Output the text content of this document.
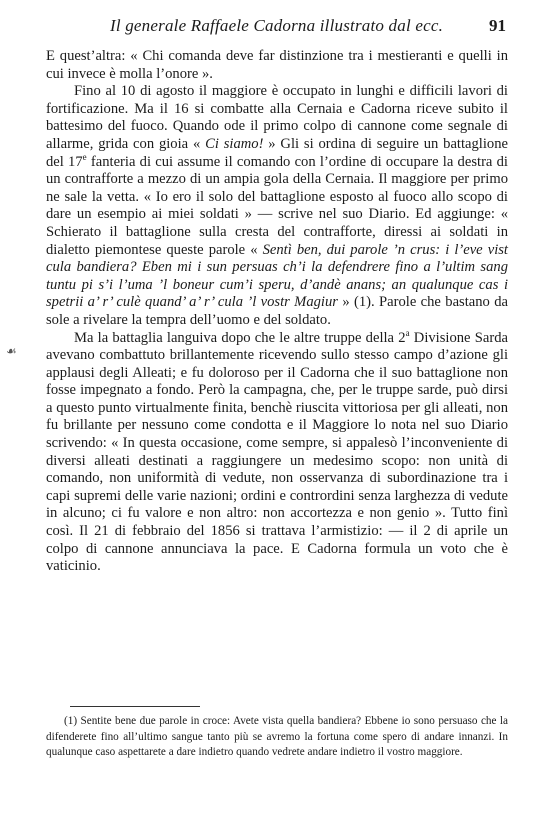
Il generale Raffaele Cadorna illustrato dal ecc.	91
☙

E quest’altra: « Chi comanda deve far distinzione tra i mestieranti e quelli in cui invece è molla l’onore ».

Fino al 10 di agosto il maggiore è occupato in lunghi e difficili lavori di fortificazione. Ma il 16 si combatte alla Cernaia e Cadorna riceve subito il battesimo del fuoco. Quando ode il primo colpo di cannone come segnale di allarme, grida con gioia « Ci siamo! » Gli si ordina di seguire un battaglione del 17e fanteria di cui assume il comando con l’ordine di occupare la destra di un contrafforte a mezzo di un ampia gola della Cernaia. Il maggiore per primo ne sale la vetta. « Io ero il solo del battaglione esposto al fuoco allo scopo di dare un esempio ai miei soldati » — scrive nel suo Diario. Ed aggiunge: « Schierato il battaglione sulla cresta del contrafforte, diressi ai soldati in dialetto piemontese queste parole « Sentì ben, dui parole ’n crus: i l’eve vist cula bandiera? Eben mi i sun persuas ch’i la defendrere fino a l’ultim sang tuntu pi s’i l’uma ’l boneur cum’i speru, d’andè anans; an qualunque cas i spetrii a’ r’ culè quand’ a’ r’ cula ’l vostr Magiur » (1). Parole che bastano da sole a rivelare la tempra dell’uomo e del soldato.

Ma la battaglia languiva dopo che le altre truppe della 2$^a$ Divisione Sarda avevano combattuto brillantemente ricevendo sullo stesso campo d’azione gli applausi degli Alleati; e fu doloroso per il Cadorna che il suo battaglione non fosse impegnato a fondo. Però la campagna, che, per le truppe sarde, può dirsi a questo punto virtualmente finita, benchè riuscita vittoriosa per gli alleati, non fu brillante per nessuno come condotta e il Maggiore lo nota nel suo Diario scrivendo: « In questa occasione, come sempre, si appalesò l’inconveniente di diversi alleati destinati a raggiungere un medesimo scopo: non unità di comando, non uniformità di vedute, non osservanza di subordinazione tra i capi supremi delle varie nazioni; ordini e contrordini senza larghezza di vedute in alcuno; ci fu valore e non altro: non accortezza e non genio ». Tutto finì così. Il 21 di febbraio del 1856 si trattava l’armistizio: — il 2 di aprile un colpo di cannone annunciava la pace. E Cadorna formula un voto che è vaticinio.

(1) Sentite bene due parole in croce: Avete vista quella bandiera? Ebbene io sono persuaso che la difenderete fino all’ultimo sangue tanto più se avremo la fortuna come spero di andare innanzi. In qualunque caso aspettarete a dare indietro quando vedrete andare indietro il vostro maggiore.
